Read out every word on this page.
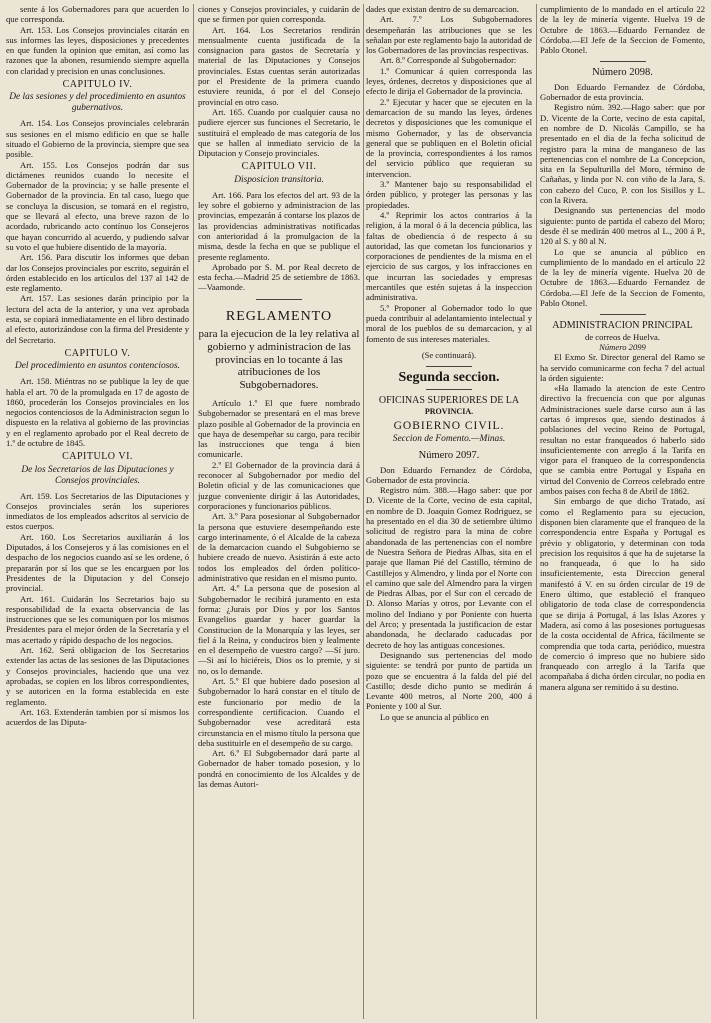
sente á los Gobernadores para que acuerden lo que corresponda.

Art. 153. Los Consejos provinciales citarán en sus informes las leyes, disposiciones y precedentes en que funden la opinion que emitan, así como las razones que la abonen, resumiendo siempre aquella con claridad y precision en unas conclusiones.

CAPITULO IV.
De las sesiones y del procedimiento en asuntos gubernativos.

Art. 154. Los Consejos provinciales celebrarán sus sesiones en el mismo edificio en que se halle situado el Gobierno de la provincia, siempre que sea posible.

Art. 155. Los Consejos podrán dar sus dictámenes reunidos cuando lo necesite el Gobernador de la provincia; y se halle presente el Gobernador de la provincia. En tal caso, luego que se concluya la discusion, se tomará en el registro, que se llevará al efecto, una breve razon de lo acordado, rubricando acto contínuo los Consejeros que hayan concurrido al acuerdo, y pudiendo salvar su voto el que hubiere disentido de la mayoría.

Art. 156. Para discutir los informes que deban dar los Consejos provinciales por escrito, seguirán el órden establecido en los artículos del 137 al 142 de este reglamento.

Art. 157. Las sesiones darán principio por la lectura del acta de la anterior, y una vez aprobada esta, se copiará inmediatamente en el libro destinado al efecto, autorizándose con la firma del Presidente y del Secretario.

CAPITULO V.
Del procedimiento en asuntos contenciosos.

Art. 158. Miéntras no se publique la ley de que habla el art. 70 de la promulgada en 17 de agosto de 1860, procederán los Consejos provinciales en los negocios contenciosos de la Administracion segun lo dispuesto en la relativa al gobierno de las provincias y en el reglamento aprobado por el Real decreto de 1.º de octubre de 1845.

CAPITULO VI.
De los Secretarios de las Diputaciones y Consejos provinciales.

Art. 159. Los Secretarios de las Diputaciones y Consejos provinciales serán los superiores inmediatos de los empleados adscritos al servicio de estos cuerpos.

Art. 160. Los Secretarios auxiliarán á los Diputados, á los Consejeros y á las comisiones en el despacho de los negocios cuando así se les ordene, ó prepararán por sí los que se les encarguen por los Presidentes de la Diputacion y del Consejo provincial.

Art. 161. Cuidarán los Secretarios bajo su responsabilidad de la exacta observancia de las instrucciones que se les comuniquen por los mismos Presidentes para el mejor órden de la Secretaría y el mas acertado y rápido despacho de los negocios.

Art. 162. Será obligacion de los Secretarios extender las actas de las sesiones de las Diputaciones y Consejos provinciales, haciendo que una vez aprobadas, se copien en los libros correspondientes, y se autoricen en la forma establecida en este reglamento.

Art. 163. Extenderán tambien por sí mismos los acuerdos de las Diputa-

ciones y Consejos provinciales, y cuidarán de que se firmen por quien corresponda.

Art. 164. Los Secretarios rendirán mensualmente cuenta justificada de la consignacion para gastos de Secretaría y material de las Diputaciones y Consejos provinciales. Estas cuentas serán autorizadas por el Presidente de la primera cuando estuviere reunida, ó por el del Consejo provincial en otro caso.

Art. 165. Cuando por cualquier causa no pudiere ejercer sus funciones el Secretario, le sustituirá el empleado de mas categoría de los que se hallen al inmediato servicio de la Diputacion y Consejo provinciales.

CAPITULO VII.
Disposicion transitoria.

Art. 166. Para los efectos del art. 93 de la ley sobre el gobierno y administracion de las provincias, empezarán á contarse los plazos de las providencias administrativas notificadas con anterioridad á la promulgacion de la misma, desde la fecha en que se publique el presente reglamento.

Aprobado por S. M. por Real decreto de esta fecha.—Madrid 25 de setiembre de 1863.—Vaamonde.

REGLAMENTO
para la ejecucion de la ley relativa al gobierno y administracion de las provincias en lo tocante á las atribuciones de los Subgobernadores.

Artículo 1.º El que fuere nombrado Subgobernador se presentará en el mas breve plazo posible al Gobernador de la provincia en que haya de desempeñar su cargo, para recibir las instrucciones que tenga á bien comunicarle.

2.º El Gobernador de la provincia dará á reconocer al Subgobernador por medio del Boletin oficial y de las comunicaciones que juzgue conveniente dirigir á las Autoridades, corporaciones y funcionarios públicos.

Art. 3.º Para posesionar al Subgobernador la persona que estuviere desempeñando este cargo interinamente, ó el Alcalde de la cabeza de la demarcacion cuando el Subgobierno se hubiere creado de nuevo. Asistirán á este acto todos los empleados del órden político-administrativo que residan en el mismo punto.

Art. 4.º La persona que de posesion al Subgobernador le recibirá juramento en esta forma: ¿Jurais por Dios y por los Santos Evangelios guardar y hacer guardar la Constitucion de la Monarquía y las leyes, ser fiel á la Reina, y conduciros bien y lealmente en el desempeño de vuestro cargo? —Sí juro. —Si así lo hiciéreis, Dios os lo premie, y si no, os lo demande.

Art. 5.º El que hubiere dado posesion al Subgobernador lo hará constar en el título de este funcionario por medio de la correspondiente certificacion. Cuando el Subgobernador vese acreditará esta circunstancia en el mismo título la persona que deba sustituirle en el desempeño de su cargo.

Art. 6.º El Subgobernador dará parte al Gobernador de haber tomado posesion, y lo pondrá en conocimiento de los Alcaldes y de las demas Autori-

dades que existan dentro de su demarcacion.

Art. 7.º Los Subgobernadores desempeñarán las atribuciones que se les señalan por este reglamento bajo la autoridad de los Gobernadores de las provincias respectivas.

Art. 8.º Corresponde al Subgobernador:

1.º Comunicar á quien corresponda las leyes, órdenes, decretos y disposiciones que al efecto le dirija el Gobernador de la provincia.

2.º Ejecutar y hacer que se ejecuten en la demarcacion de su mando las leyes, órdenes decretos y disposiciones que les comunique el mismo Gobernador, y las de observancia general que se publiquen en el Boletin oficial de la provincia, correspondientes á los ramos del servicio público que requieran su intervencion.

3.º Mantener bajo su responsabilidad el órden público, y proteger las personas y las propiedades.

4.º Reprimir los actos contrarios á la religion, á la moral ó á la decencia pública, las faltas de obediencia ó de respecto á su autoridad, las que cometan los funcionarios y corporaciones de pendientes de la misma en el ejercicio de sus cargos, y los infracciones en que incurran las sociedades y empresas mercantiles que estén sujetas á la inspeccion administrativa.

5.º Proponer al Gobernador todo lo que pueda contribuir al adelantamiento intelectual y moral de los pueblos de su demarcacion, y al fomento de sus intereses materiales.

(Se continuará).
Segunda seccion.
OFICINAS SUPERIORES DE LA
PROVINCIA.
GOBIERNO CIVIL.
Seccion de Fomento.—Minas.
Número 2097.

Don Eduardo Fernandez de Córdoba, Gobernador de esta provincia.

Registro núm. 388.—Hago saber: que por D. Vicente de la Corte, vecino de esta capital, en nombre de D. Joaquin Gomez Rodriguez, se ha presentado en el dia 30 de setiembre último solicitud de registro para la mina de cobre abandonada de las pertenencias con el nombre de Nuestra Señora de Piedras Albas, sita en el paraje que llaman Pié del Castillo, término de Castillejos y Almendro, y linda por el Norte con el camino que sale del Almendro para la virgen de Piedras Albas, por el Sur con el cercado de D. Alonso Marías y otros, por Levante con el molino del Indiano y por Poniente con huerta del Arco; y presentada la justificacion de estar abandonada, he declarado caducadas por decreto de hoy las antiguas concesiones.

Designando sus pertenencias del modo siguiente: se tendrá por punto de partida un pozo que se encuentra á la falda del pié del Castillo; desde dicho punto se medirán á Levante 400 metros, al Norte 200, 400 á Poniente y 100 al Sur.

Lo que se anuncia al público en

cumplimiento de lo mandado en el artículo 22 de la ley de minería vigente. Huelva 19 de Octubre de 1863.—Eduardo Fernandez de Córdoba.—El Jefe de la Seccion de Fomento, Pablo Otonel.

Número 2098.

Don Eduardo Fernandez de Córdoba, Gobernador de esta provincia.

Registro núm. 392.—Hago saber: que por D. Vicente de la Corte, vecino de esta capital, en nombre de D. Nicolás Campillo, se ha presentado en el dia de la fecha solicitud de registro para la mina de manganeso de las pertenencias con el nombre de La Concepcion, sita en la Sepulturilla del Moro, término de Cañañas, y linda por N. con viño de la Jara, S. con cabezo del Cuco, P. con los Sisillos y L. con la Rivera.

Designando sus pertenencias del modo siguiente: punto de partida el cabezo del Moro; desde él se medirán 400 metros al L., 200 á P., 120 al S. y 80 al N.

Lo que se anuncia al público en cumplimiento de lo mandado en el artículo 22 de la ley de minería vigente. Huelva 20 de Octubre de 1863.—Eduardo Fernandez de Córdoba.—El Jefe de la Seccion de Fomento, Pablo Otonel.

ADMINISTRACION PRINCIPAL
de correos de Huelva.
Número 2099

El Exmo Sr. Director general del Ramo se ha servido comunicarme con fecha 7 del actual la órden siguiente:

«Ha llamado la atencion de este Centro directivo la frecuencia con que por algunas Administraciones suele darse curso aun á las cartas ó impresos que, siendo destinados á poblaciones del vecino Reino de Portugal, resultan no estar franqueados ó haberlo sido insuficientemente con arreglo á la Tarifa en vigor para el franqueo de la correspondencia que se cambia entre Portugal y España en virtud del Convenio de Correos celebrado entre ambos paises con fecha 8 de Abril de 1862.

Sin embargo de que dicho Tratado, así como el Reglamento para su ejecucion, disponen bien claramente que el franqueo de la correspondencia entre España y Portugal es prévio y obligatorio, y determinan con toda precision los requisitos á que ha de sujetarse la no franqueada, ó que lo ha sido insuficientemente, esta Direccion general manifestó á V. en su órden circular de 19 de Enero último, que estableció el franqueo obligatorio de toda clase de correspondencia que se dirija á Portugal, á las Islas Azores y Madera, así como á las posesiones portuguesas de la costa occidental de Africa, fácilmente se comprendia que toda carta, periódico, muestra de comercio ó impreso que no hubiere sido franqueado con arreglo á la Tarifa que acompañaba á dicha órden circular, no podia en manera alguna ser remitido á su destino.
